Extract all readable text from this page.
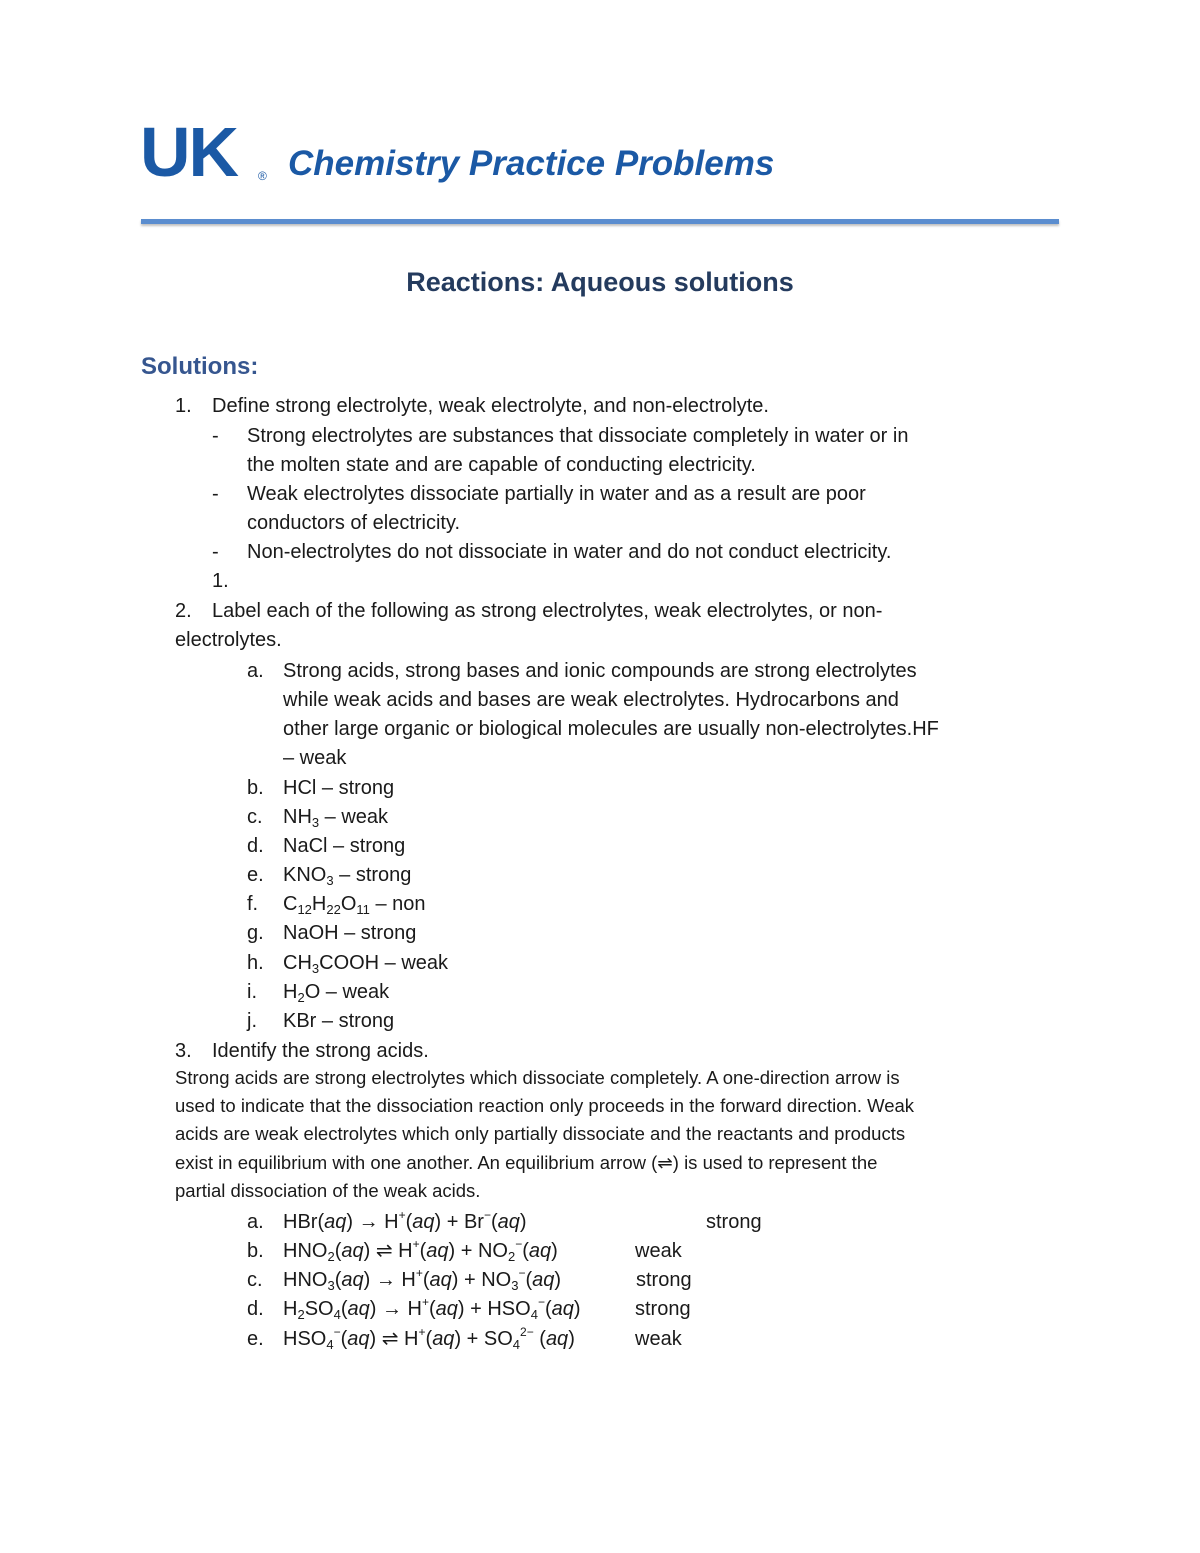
UK ® Chemistry Practice Problems
Reactions: Aqueous solutions
Solutions:
1. Define strong electrolyte, weak electrolyte, and non-electrolyte.
- Strong electrolytes are substances that dissociate completely in water or in
the molten state and are capable of conducting electricity.
- Weak electrolytes dissociate partially in water and as a result are poor
conductors of electricity.
- Non-electrolytes do not dissociate in water and do not conduct electricity.
1.
2. Label each of the following as strong electrolytes, weak electrolytes, or non-
electrolytes.
a. Strong acids, strong bases and ionic compounds are strong electrolytes
while weak acids and bases are weak electrolytes. Hydrocarbons and
other large organic or biological molecules are usually non-electrolytes.HF
– weak
b. HCl – strong
c. $NH_3$ – weak
d. NaCl – strong
e. $KNO_3$ – strong
f. $C_{12}H_{22}O_{11}$ – non
g. NaOH – strong
h. $CH_3COOH$ – weak
i. $H_2O$ – weak
j. KBr – strong
3. Identify the strong acids.
Strong acids are strong electrolytes which dissociate completely. A one-direction arrow is
used to indicate that the dissociation reaction only proceeds in the forward direction. Weak
acids are weak electrolytes which only partially dissociate and the reactants and products
exist in equilibrium with one another. An equilibrium arrow (⇌) is used to represent the
partial dissociation of the weak acids.
a. HBr(aq) → H+(aq) + Br−(aq)	strong
b. $HNO_2(aq)$ ⇌ $H^+(aq) + NO_2^-(aq)$	weak
c. $HNO_3(aq) \to H^+(aq) + NO_3^-(aq)$	strong
d. $H_2SO_4(aq) \to H^+(aq) + HSO_4^-(aq)$	strong
e. $HSO_4^-(aq)$ ⇌ $H^+(aq) + SO_4^{2-}$ (aq)	weak
